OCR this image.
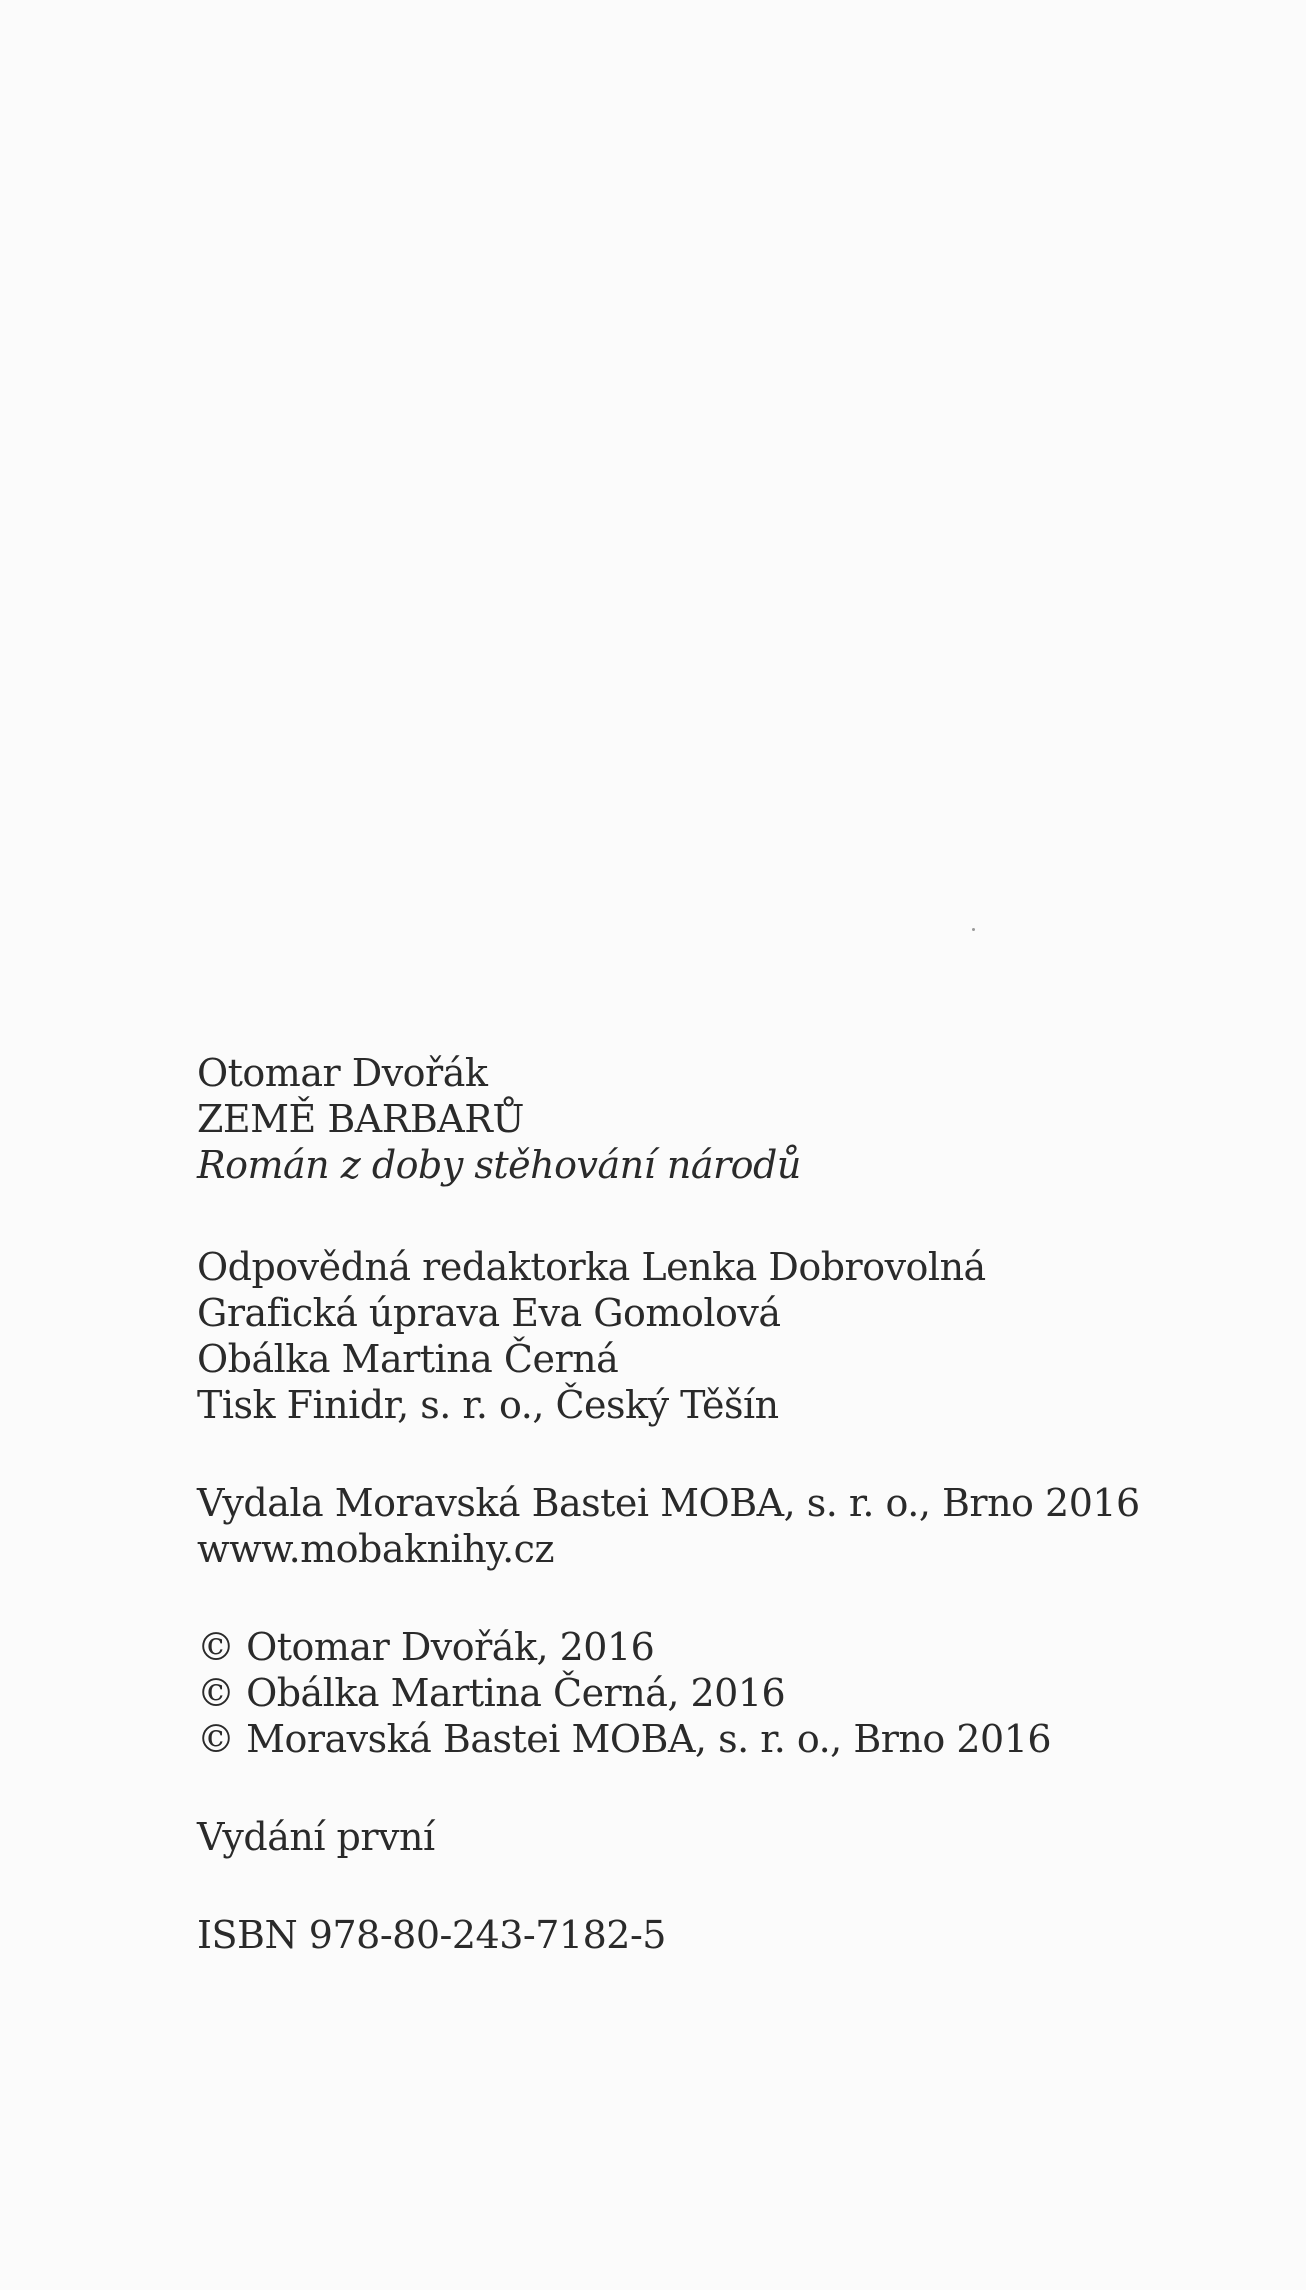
Otomar Dvořák
ZEMĚ BARBARŮ
Román z doby stěhování národů
Odpovědná redaktorka Lenka Dobrovolná
Grafická úprava Eva Gomolová
Obálka Martina Černá
Tisk Finidr, s. r. o., Český Těšín
Vydala Moravská Bastei MOBA, s. r. o., Brno 2016
www.mobaknihy.cz
© Otomar Dvořák, 2016
© Obálka Martina Černá, 2016
© Moravská Bastei MOBA, s. r. o., Brno 2016
Vydání první
ISBN 978-80-243-7182-5
